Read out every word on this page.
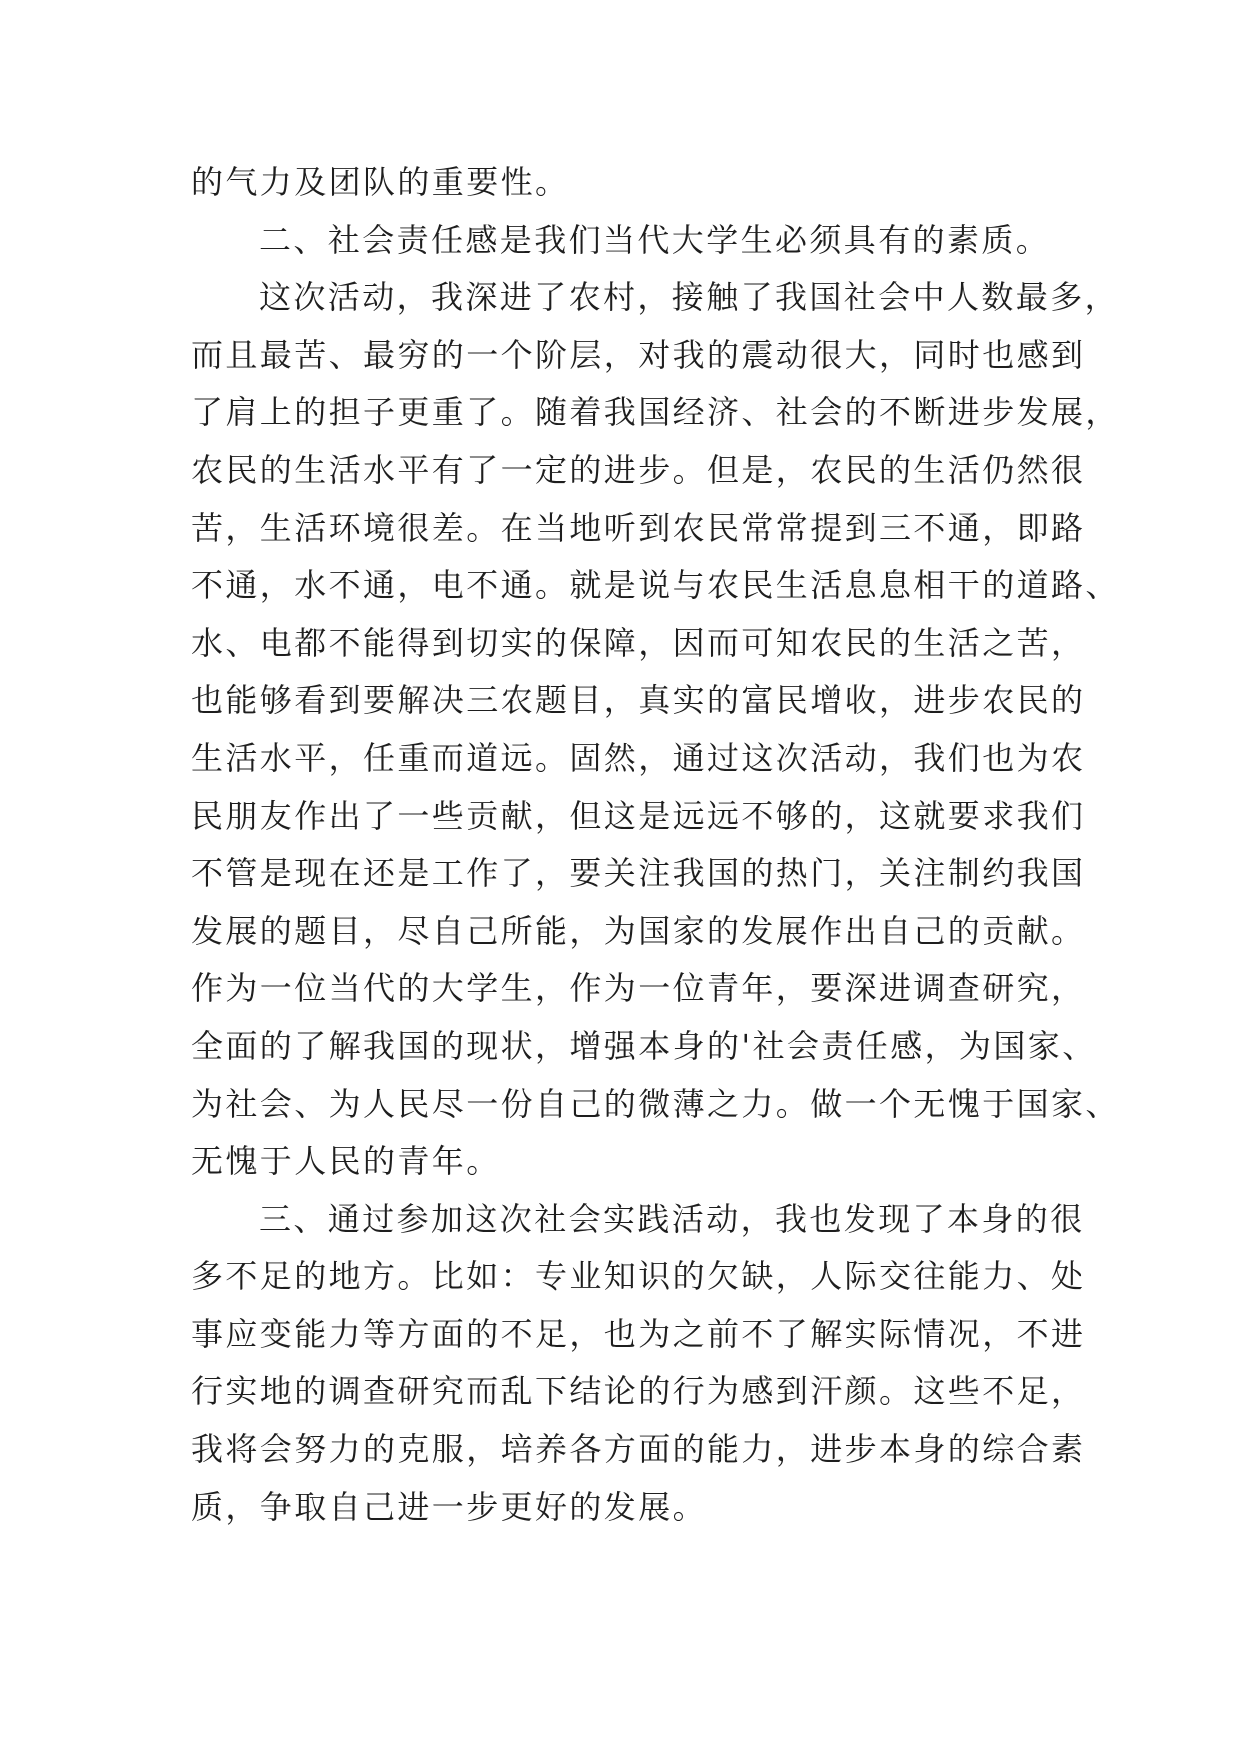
的气力及团队的重要性。
二、社会责任感是我们当代大学生必须具有的素质。
这次活动，我深进了农村，接触了我国社会中人数最多，
而且最苦、最穷的一个阶层，对我的震动很大，同时也感到
了肩上的担子更重了。随着我国经济、社会的不断进步发展，
农民的生活水平有了一定的进步。但是，农民的生活仍然很
苦，生活环境很差。在当地听到农民常常提到三不通，即路
不通，水不通，电不通。就是说与农民生活息息相干的道路、
水、电都不能得到切实的保障，因而可知农民的生活之苦，
也能够看到要解决三农题目，真实的富民增收，进步农民的
生活水平，任重而道远。固然，通过这次活动，我们也为农
民朋友作出了一些贡献，但这是远远不够的，这就要求我们
不管是现在还是工作了，要关注我国的热门，关注制约我国
发展的题目，尽自己所能，为国家的发展作出自己的贡献。
作为一位当代的大学生，作为一位青年，要深进调查研究，
全面的了解我国的现状，增强本身的'社会责任感，为国家、
为社会、为人民尽一份自己的微薄之力。做一个无愧于国家、
无愧于人民的青年。
三、通过参加这次社会实践活动，我也发现了本身的很
多不足的地方。比如：专业知识的欠缺，人际交往能力、处
事应变能力等方面的不足，也为之前不了解实际情况，不进
行实地的调查研究而乱下结论的行为感到汗颜。这些不足，
我将会努力的克服，培养各方面的能力，进步本身的综合素
质，争取自己进一步更好的发展。
